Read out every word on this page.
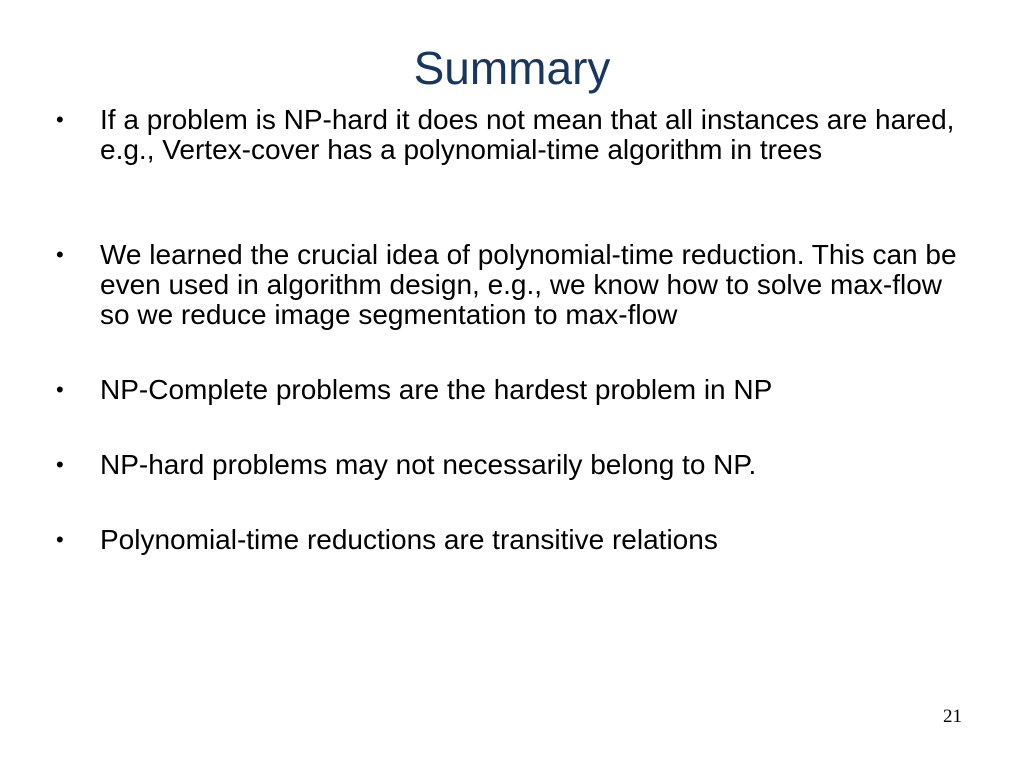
Summary
•	If a problem is NP-hard it does not mean that all instances are hared, e.g., Vertex-cover has a polynomial-time algorithm in trees
•	We learned the crucial idea of polynomial-time reduction. This can be even used in algorithm design, e.g., we know how to solve max-flow so we reduce image segmentation to max-flow
•	NP-Complete problems are the hardest problem in NP
•	NP-hard problems may not necessarily belong to NP.
•	Polynomial-time reductions are transitive relations
21
